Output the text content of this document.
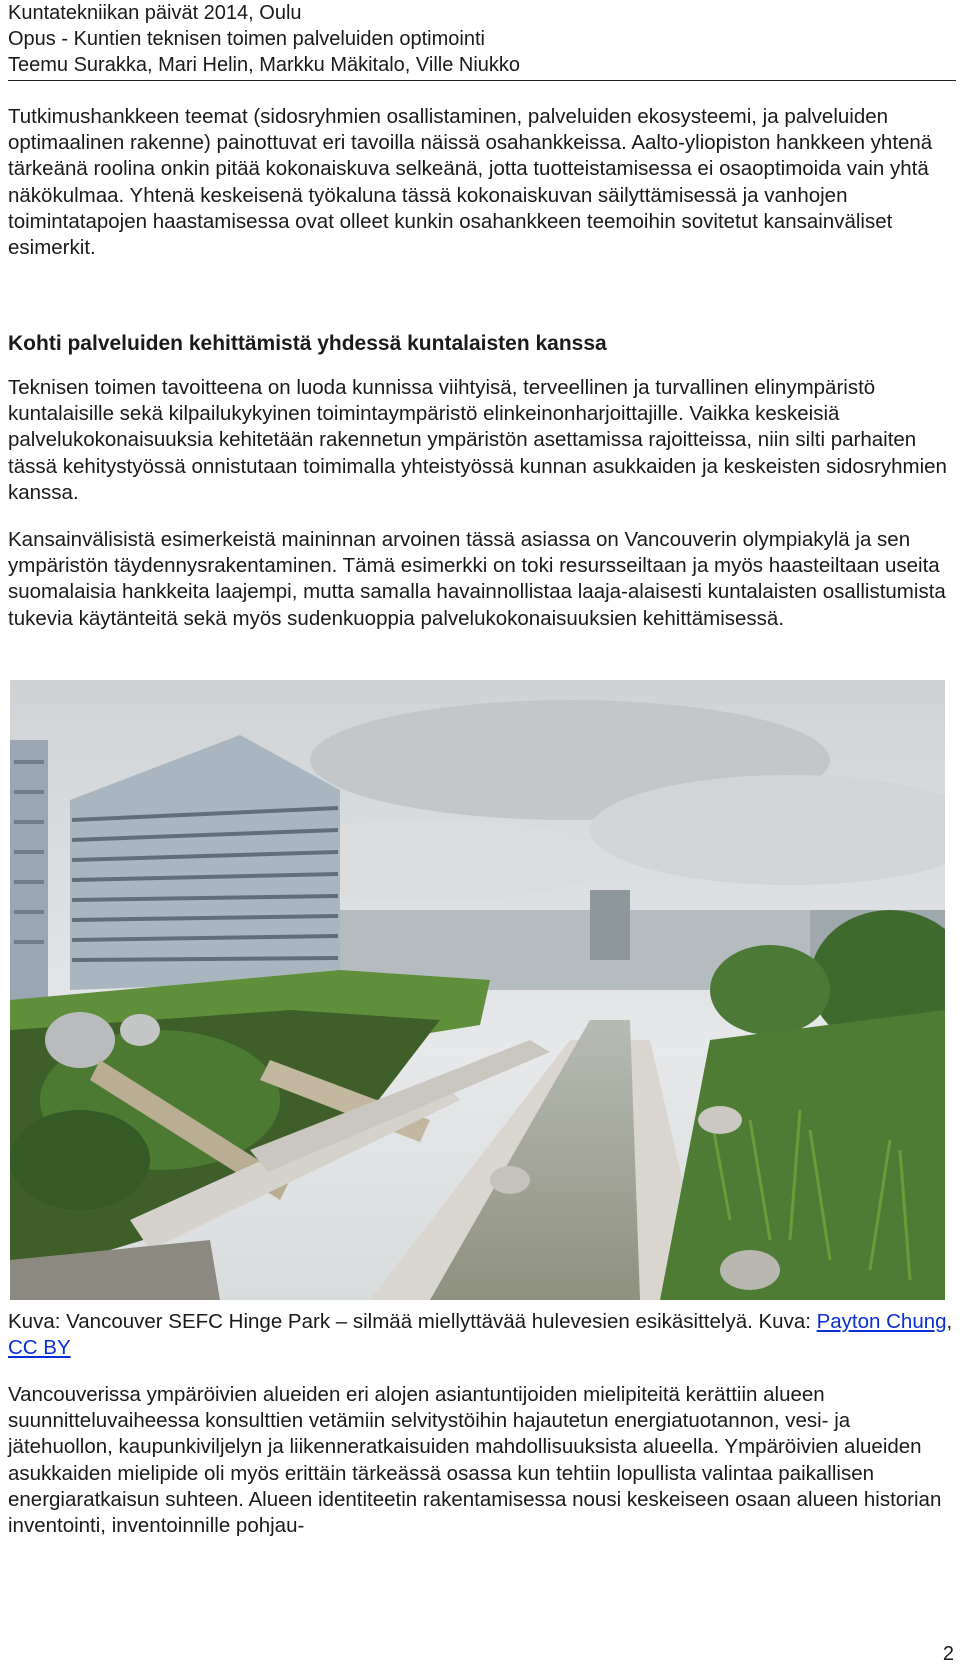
Kuntatekniikan päivät 2014, Oulu
Opus - Kuntien teknisen toimen palveluiden optimointi
Teemu Surakka, Mari Helin, Markku Mäkitalo, Ville Niukko

Tutkimushankkeen teemat (sidosryhmien osallistaminen, palveluiden ekosysteemi, ja palveluiden optimaalinen rakenne) painottuvat eri tavoilla näissä osahankkeissa. Aalto-yliopiston hankkeen yhtenä tärkeänä roolina onkin pitää kokonaiskuva selkeänä, jotta tuotteistamisessa ei osaoptimoida vain yhtä näkökulmaa. Yhtenä keskeisenä työkaluna tässä kokonaiskuvan säilyttämisessä ja vanhojen toimintatapojen haastamisessa ovat olleet kunkin osahankkeen teemoihin sovitetut kansainväliset esimerkit.

Kohti palveluiden kehittämistä yhdessä kuntalaisten kanssa

Teknisen toimen tavoitteena on luoda kunnissa viihtyisä, terveellinen ja turvallinen elinympäristö kuntalaisille sekä kilpailukykyinen toimintaympäristö elinkeinonharjoittajille. Vaikka keskeisiä palvelukokonaisuuksia kehitetään rakennetun ympäristön asettamissa rajoitteissa, niin silti parhaiten tässä kehitystyössä onnistutaan toimimalla yhteistyössä kunnan asukkaiden ja keskeisten sidosryhmien kanssa.

Kansainvälisistä esimerkeistä maininnan arvoinen tässä asiassa on Vancouverin olympiakylä ja sen ympäristön täydennysrakentaminen. Tämä esimerkki on toki resursseiltaan ja myös haasteiltaan useita suomalaisia hankkeita laajempi, mutta samalla havainnollistaa laaja-alaisesti kuntalaisten osallistumista tukevia käytänteitä sekä myös sudenkuoppia palvelukokonaisuuksien kehittämisessä.

Kuva: Vancouver SEFC Hinge Park – silmää miellyttävää hulevesien esikäsittelyä. Kuva: Payton Chung, CC BY

Vancouverissa ympäröivien alueiden eri alojen asiantuntijoiden mielipiteitä kerättiin alueen suunnitteluvaiheessa konsulttien vetämiin selvitystöihin hajautetun energiatuotannon, vesi- ja jätehuollon, kaupunkiviljelyn ja liikenneratkaisuiden mahdollisuuksista alueella. Ympäröivien alueiden asukkaiden mielipide oli myös erittäin tärkeässä osassa kun tehtiin lopullista valintaa paikallisen energiaratkaisun suhteen. Alueen identiteetin rakentamisessa nousi keskeiseen osaan alueen historian inventointi, inventoinnille pohjau-

2
